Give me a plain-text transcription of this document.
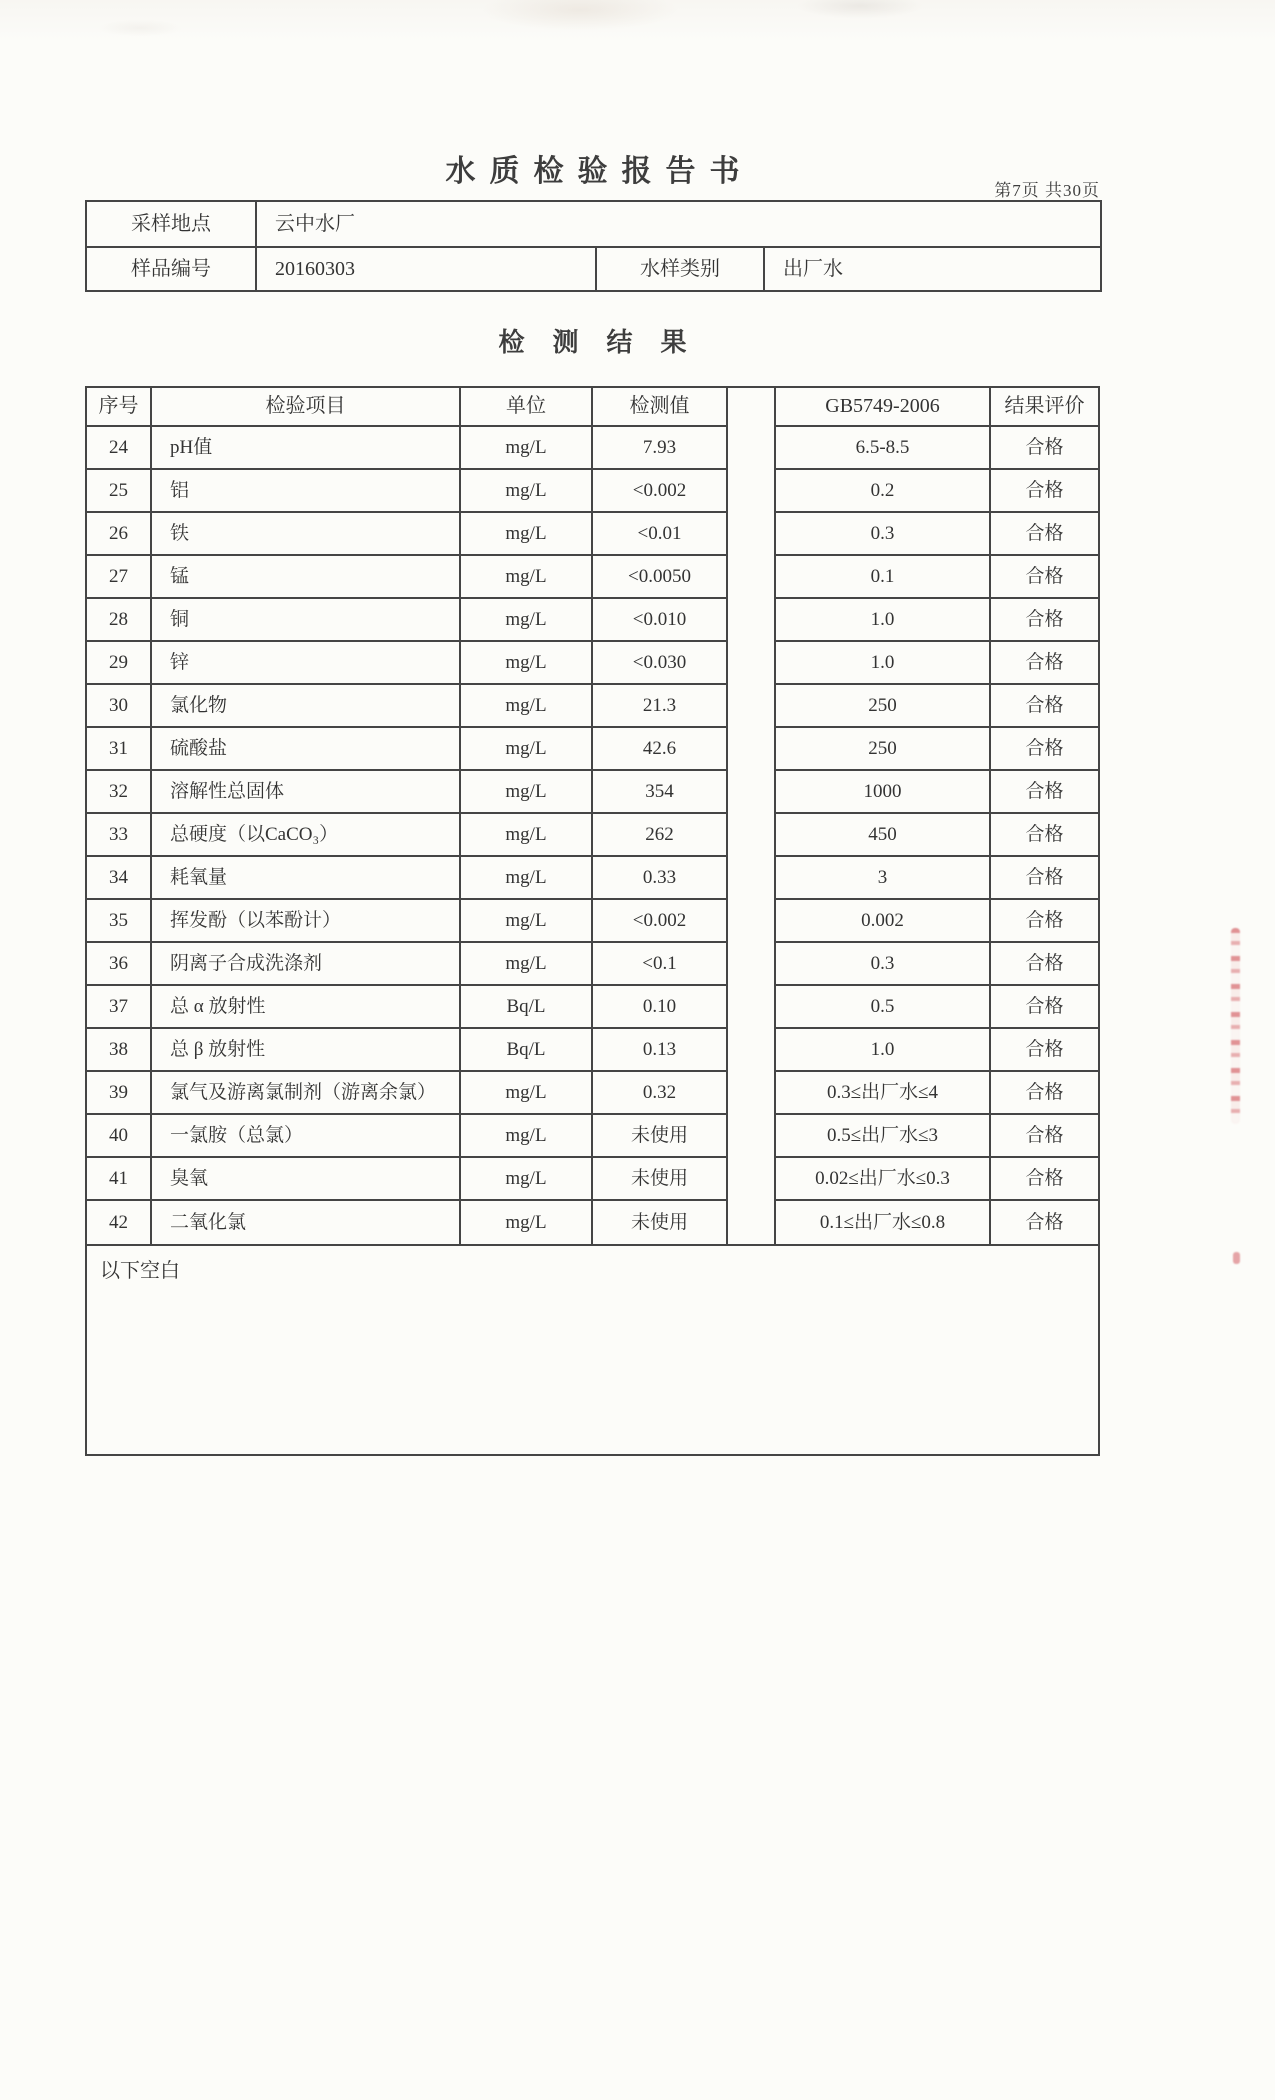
水质检验报告书
第7页 共30页
采样地点	云中水厂
样品编号	20160303	水样类别	出厂水
检测结果
序号	检验项目	单位	检测值	GB5749-2006	结果评价
24	pH值	mg/L	7.93	6.5-8.5	合格
25	铝	mg/L	<0.002	0.2	合格
26	铁	mg/L	<0.01	0.3	合格
27	锰	mg/L	<0.0050	0.1	合格
28	铜	mg/L	<0.010	1.0	合格
29	锌	mg/L	<0.030	1.0	合格
30	氯化物	mg/L	21.3	250	合格
31	硫酸盐	mg/L	42.6	250	合格
32	溶解性总固体	mg/L	354	1000	合格
33	总硬度（以CaCO₃）	mg/L	262	450	合格
34	耗氧量	mg/L	0.33	3	合格
35	挥发酚（以苯酚计）	mg/L	<0.002	0.002	合格
36	阴离子合成洗涤剂	mg/L	<0.1	0.3	合格
37	总 α 放射性	Bq/L	0.10	0.5	合格
38	总 β 放射性	Bq/L	0.13	1.0	合格
39	氯气及游离氯制剂（游离余氯）	mg/L	0.32	0.3≤出厂水≤4	合格
40	一氯胺（总氯）	mg/L	未使用	0.5≤出厂水≤3	合格
41	臭氧	mg/L	未使用	0.02≤出厂水≤0.3	合格
42	二氧化氯	mg/L	未使用	0.1≤出厂水≤0.8	合格
以下空白
